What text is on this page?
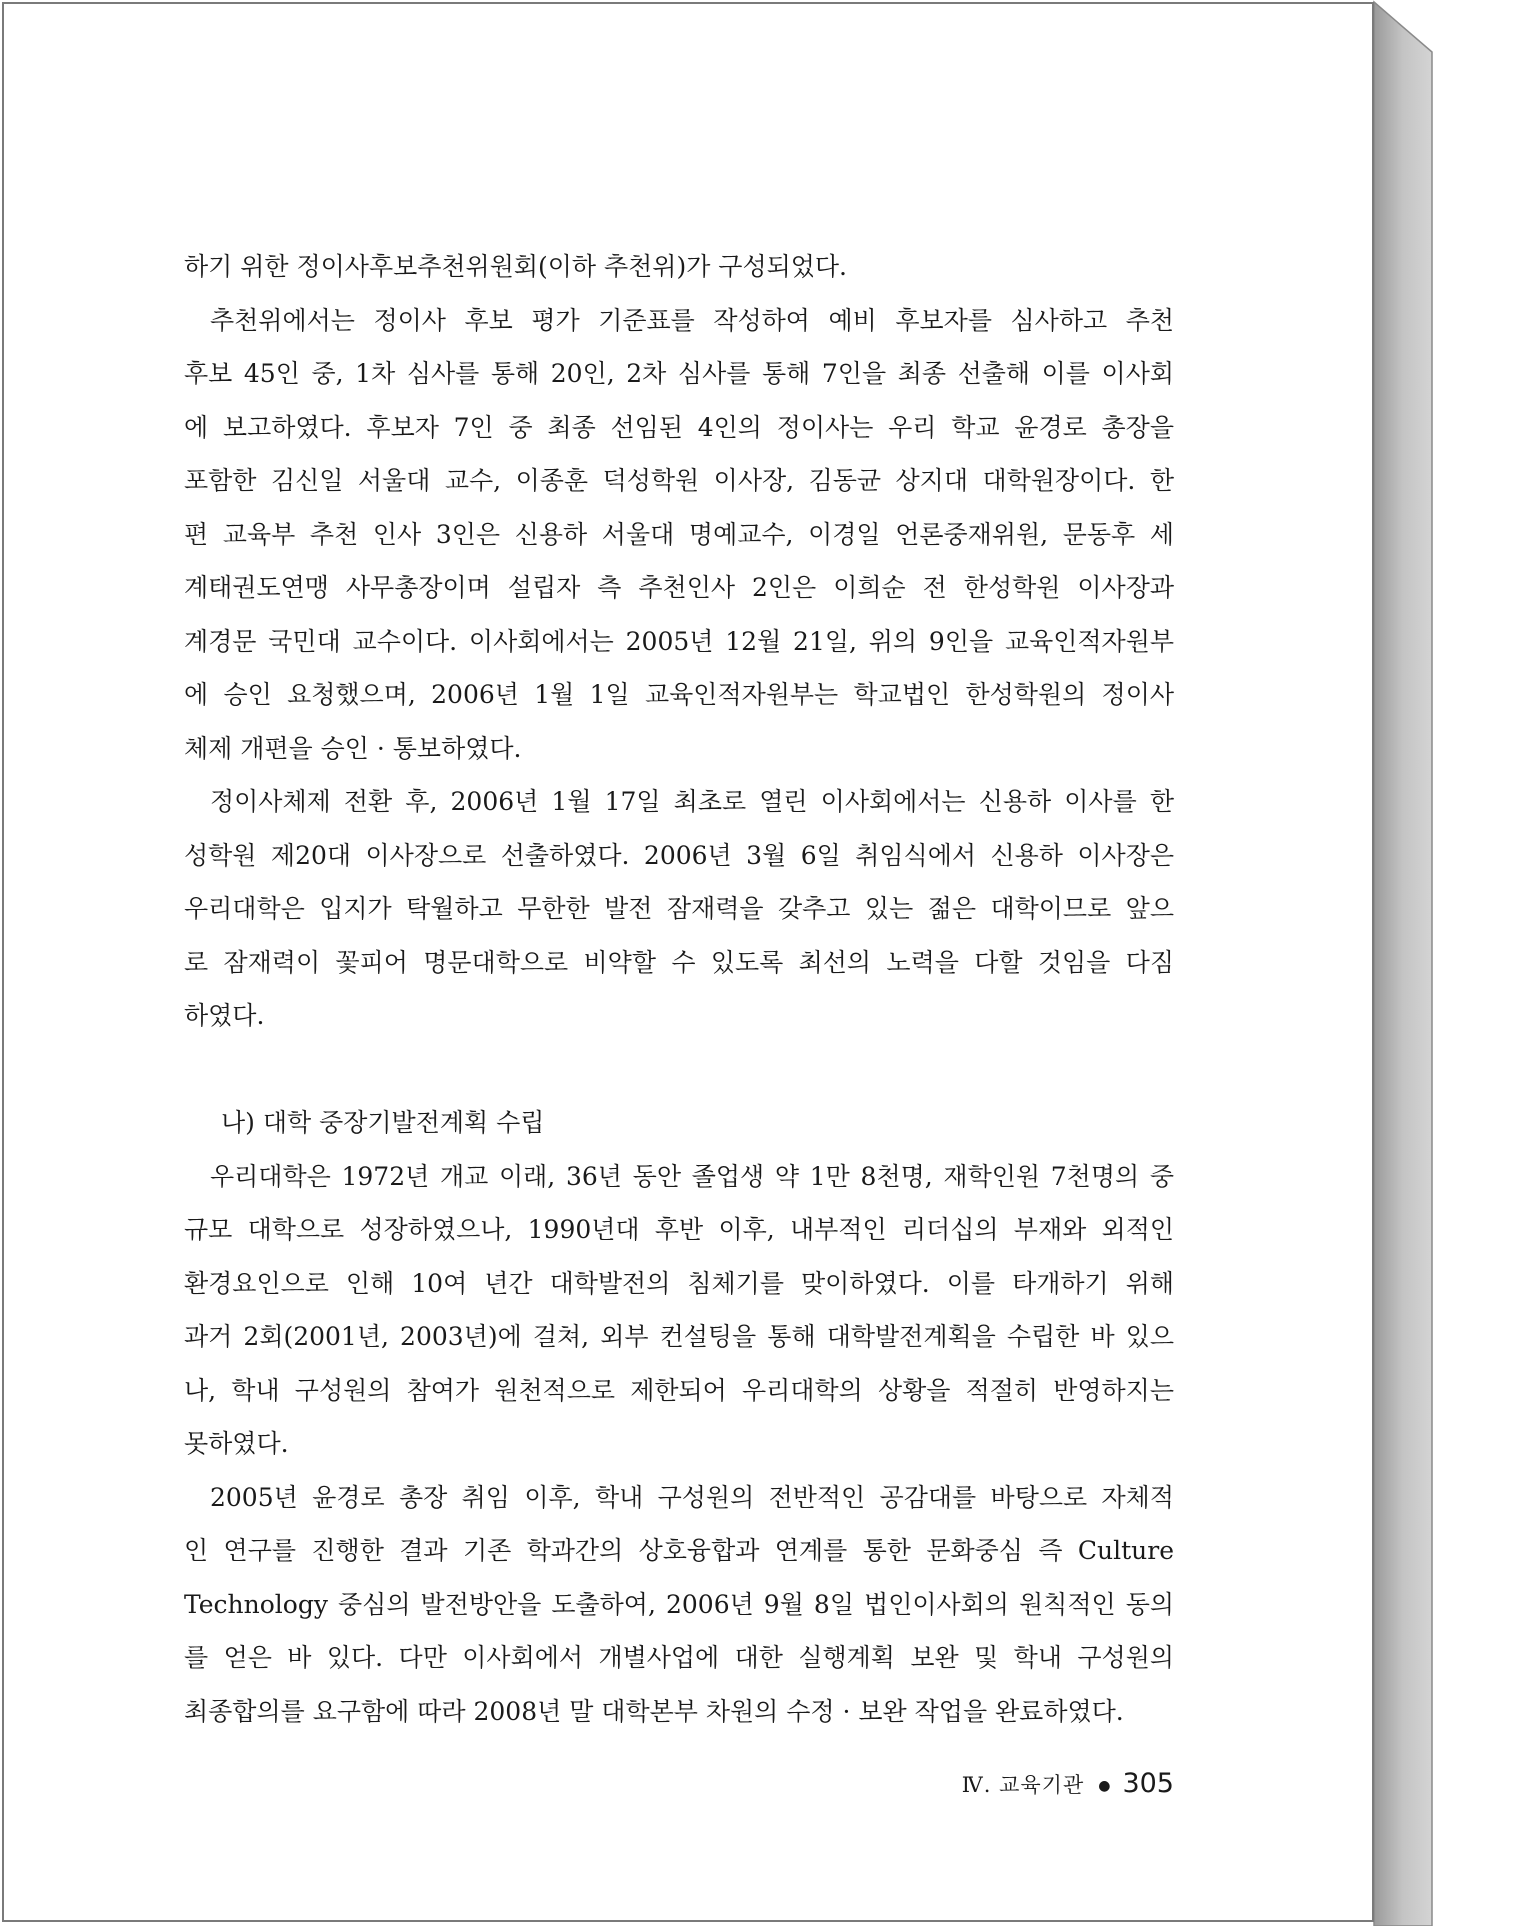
하기 위한 정이사후보추천위원회(이하 추천위)가 구성되었다.
추천위에서는 정이사 후보 평가 기준표를 작성하여 예비 후보자를 심사하고 추천
후보 45인 중, 1차 심사를 통해 20인, 2차 심사를 통해 7인을 최종 선출해 이를 이사회
에 보고하였다. 후보자 7인 중 최종 선임된 4인의 정이사는 우리 학교 윤경로 총장을
포함한 김신일 서울대 교수, 이종훈 덕성학원 이사장, 김동균 상지대 대학원장이다. 한
편 교육부 추천 인사 3인은 신용하 서울대 명예교수, 이경일 언론중재위원, 문동후 세
계태권도연맹 사무총장이며 설립자 측 추천인사 2인은 이희순 전 한성학원 이사장과
계경문 국민대 교수이다. 이사회에서는 2005년 12월 21일, 위의 9인을 교육인적자원부
에 승인 요청했으며, 2006년 1월 1일 교육인적자원부는 학교법인 한성학원의 정이사
체제 개편을 승인 · 통보하였다.
정이사체제 전환 후, 2006년 1월 17일 최초로 열린 이사회에서는 신용하 이사를 한
성학원 제20대 이사장으로 선출하였다. 2006년 3월 6일 취임식에서 신용하 이사장은
우리대학은 입지가 탁월하고 무한한 발전 잠재력을 갖추고 있는 젊은 대학이므로 앞으
로 잠재력이 꽃피어 명문대학으로 비약할 수 있도록 최선의 노력을 다할 것임을 다짐
하였다.
나) 대학 중장기발전계획 수립
우리대학은 1972년 개교 이래, 36년 동안 졸업생 약 1만 8천명, 재학인원 7천명의 중
규모 대학으로 성장하였으나, 1990년대 후반 이후, 내부적인 리더십의 부재와 외적인
환경요인으로 인해 10여 년간 대학발전의 침체기를 맞이하였다. 이를 타개하기 위해
과거 2회(2001년, 2003년)에 걸쳐, 외부 컨설팅을 통해 대학발전계획을 수립한 바 있으
나, 학내 구성원의 참여가 원천적으로 제한되어 우리대학의 상황을 적절히 반영하지는
못하였다.
2005년 윤경로 총장 취임 이후, 학내 구성원의 전반적인 공감대를 바탕으로 자체적
인 연구를 진행한 결과 기존 학과간의 상호융합과 연계를 통한 문화중심 즉 Culture
Technology 중심의 발전방안을 도출하여, 2006년 9월 8일 법인이사회의 원칙적인 동의
를 얻은 바 있다. 다만 이사회에서 개별사업에 대한 실행계획 보완 및 학내 구성원의
최종합의를 요구함에 따라 2008년 말 대학본부 차원의 수정 · 보완 작업을 완료하였다.
Ⅳ. 교육기관 ● 305
